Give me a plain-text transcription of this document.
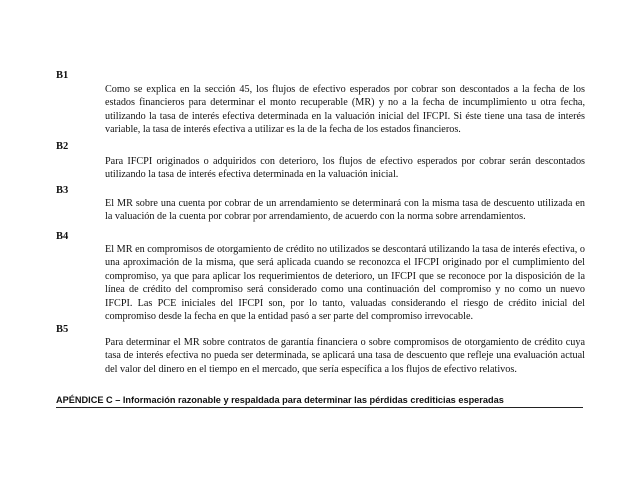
B1

Como se explica en la sección 45, los flujos de efectivo esperados por cobrar son descontados a la fecha de los estados financieros para determinar el monto recuperable (MR) y no a la fecha de incumplimiento u otra fecha, utilizando la tasa de interés efectiva determinada en la valuación inicial del IFCPI. Si éste tiene una tasa de interés variable, la tasa de interés efectiva a utilizar es la de la fecha de los estados financieros.

B2

Para IFCPI originados o adquiridos con deterioro, los flujos de efectivo esperados por cobrar serán descontados utilizando la tasa de interés efectiva determinada en la valuación inicial.

B3

El MR sobre una cuenta por cobrar de un arrendamiento se determinará con la misma tasa de descuento utilizada en la valuación de la cuenta por cobrar por arrendamiento, de acuerdo con la norma sobre arrendamientos.

B4

El MR en compromisos de otorgamiento de crédito no utilizados se descontará utilizando la tasa de interés efectiva, o una aproximación de la misma, que será aplicada cuando se reconozca el IFCPI originado por el cumplimiento del compromiso, ya que para aplicar los requerimientos de deterioro, un IFCPI que se reconoce por la disposición de la línea de crédito del compromiso será considerado como una continuación del compromiso y no como un nuevo IFCPI. Las PCE iniciales del IFCPI son, por lo tanto, valuadas considerando el riesgo de crédito inicial del compromiso desde la fecha en que la entidad pasó a ser parte del compromiso irrevocable.

B5

Para determinar el MR sobre contratos de garantía financiera o sobre compromisos de otorgamiento de crédito cuya tasa de interés efectiva no pueda ser determinada, se aplicará una tasa de descuento que refleje una evaluación actual del valor del dinero en el tiempo en el mercado, que sería específica a los flujos de efectivo relativos.

APÉNDICE C – Información razonable y respaldada para determinar las pérdidas crediticias esperadas
